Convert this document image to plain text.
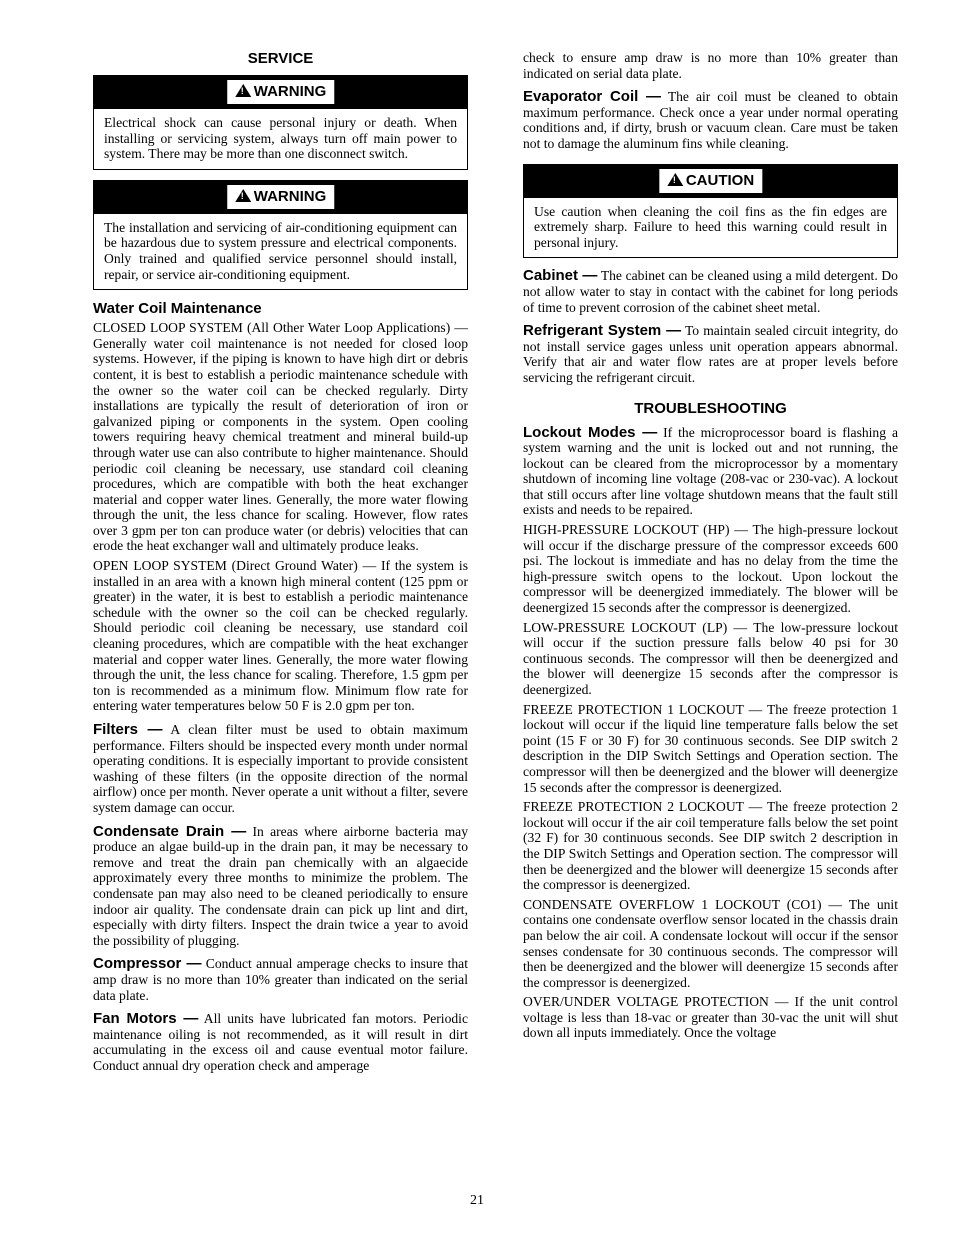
SERVICE
!WARNING

Electrical shock can cause personal injury or death. When installing or servicing system, always turn off main power to system. There may be more than one disconnect switch.

!WARNING

The installation and servicing of air-conditioning equipment can be hazardous due to system pressure and electrical components. Only trained and qualified service personnel should install, repair, or service air-conditioning equipment.

Water Coil Maintenance

CLOSED LOOP SYSTEM (All Other Water Loop Applications) — Generally water coil maintenance is not needed for closed loop systems. However, if the piping is known to have high dirt or debris content, it is best to establish a periodic maintenance schedule with the owner so the water coil can be checked regularly. Dirty installations are typically the result of deterioration of iron or galvanized piping or components in the system. Open cooling towers requiring heavy chemical treatment and mineral build-up through water use can also contribute to higher maintenance. Should periodic coil cleaning be necessary, use standard coil cleaning procedures, which are compatible with both the heat exchanger material and copper water lines. Generally, the more water flowing through the unit, the less chance for scaling. However, flow rates over 3 gpm per ton can produce water (or debris) velocities that can erode the heat exchanger wall and ultimately produce leaks.

OPEN LOOP SYSTEM (Direct Ground Water) — If the system is installed in an area with a known high mineral content (125 ppm or greater) in the water, it is best to establish a periodic maintenance schedule with the owner so the coil can be checked regularly. Should periodic coil cleaning be necessary, use standard coil cleaning procedures, which are compatible with the heat exchanger material and copper water lines. Generally, the more water flowing through the unit, the less chance for scaling. Therefore, 1.5 gpm per ton is recommended as a minimum flow. Minimum flow rate for entering water temperatures below 50 F is 2.0 gpm per ton.

Filters — A clean filter must be used to obtain maximum performance. Filters should be inspected every month under normal operating conditions. It is especially important to provide consistent washing of these filters (in the opposite direction of the normal airflow) once per month. Never operate a unit without a filter, severe system damage can occur.

Condensate Drain — In areas where airborne bacteria may produce an algae build-up in the drain pan, it may be necessary to remove and treat the drain pan chemically with an algaecide approximately every three months to minimize the problem. The condensate pan may also need to be cleaned periodically to ensure indoor air quality. The condensate drain can pick up lint and dirt, especially with dirty filters. Inspect the drain twice a year to avoid the possibility of plugging.

Compressor — Conduct annual amperage checks to insure that amp draw is no more than 10% greater than indicated on the serial data plate.

Fan Motors — All units have lubricated fan motors. Periodic maintenance oiling is not recommended, as it will result in dirt accumulating in the excess oil and cause eventual motor failure. Conduct annual dry operation check and amperage

check to ensure amp draw is no more than 10% greater than indicated on serial data plate.

Evaporator Coil — The air coil must be cleaned to obtain maximum performance. Check once a year under normal operating conditions and, if dirty, brush or vacuum clean. Care must be taken not to damage the aluminum fins while cleaning.

!CAUTION

Use caution when cleaning the coil fins as the fin edges are extremely sharp. Failure to heed this warning could result in personal injury.

Cabinet — The cabinet can be cleaned using a mild detergent. Do not allow water to stay in contact with the cabinet for long periods of time to prevent corrosion of the cabinet sheet metal.

Refrigerant System — To maintain sealed circuit integrity, do not install service gages unless unit operation appears abnormal. Verify that air and water flow rates are at proper levels before servicing the refrigerant circuit.

TROUBLESHOOTING

Lockout Modes — If the microprocessor board is flashing a system warning and the unit is locked out and not running, the lockout can be cleared from the microprocessor by a momentary shutdown of incoming line voltage (208-vac or 230-vac). A lockout that still occurs after line voltage shutdown means that the fault still exists and needs to be repaired.

HIGH-PRESSURE LOCKOUT (HP) — The high-pressure lockout will occur if the discharge pressure of the compressor exceeds 600 psi. The lockout is immediate and has no delay from the time the high-pressure switch opens to the lockout. Upon lockout the compressor will be deenergized immediately. The blower will be deenergized 15 seconds after the compressor is deenergized.

LOW-PRESSURE LOCKOUT (LP) — The low-pressure lockout will occur if the suction pressure falls below 40 psi for 30 continuous seconds. The compressor will then be deenergized and the blower will deenergize 15 seconds after the compressor is deenergized.

FREEZE PROTECTION 1 LOCKOUT — The freeze protection 1 lockout will occur if the liquid line temperature falls below the set point (15 F or 30 F) for 30 continuous seconds. See DIP switch 2 description in the DIP Switch Settings and Operation section. The compressor will then be deenergized and the blower will deenergize 15 seconds after the compressor is deenergized.

FREEZE PROTECTION 2 LOCKOUT — The freeze protection 2 lockout will occur if the air coil temperature falls below the set point (32 F) for 30 continuous seconds. See DIP switch 2 description in the DIP Switch Settings and Operation section. The compressor will then be deenergized and the blower will deenergize 15 seconds after the compressor is deenergized.

CONDENSATE OVERFLOW 1 LOCKOUT (CO1) — The unit contains one condensate overflow sensor located in the chassis drain pan below the air coil. A condensate lockout will occur if the sensor senses condensate for 30 continuous seconds. The compressor will then be deenergized and the blower will deenergize 15 seconds after the compressor is deenergized.

OVER/UNDER VOLTAGE PROTECTION — If the unit control voltage is less than 18-vac or greater than 30-vac the unit will shut down all inputs immediately. Once the voltage

21
